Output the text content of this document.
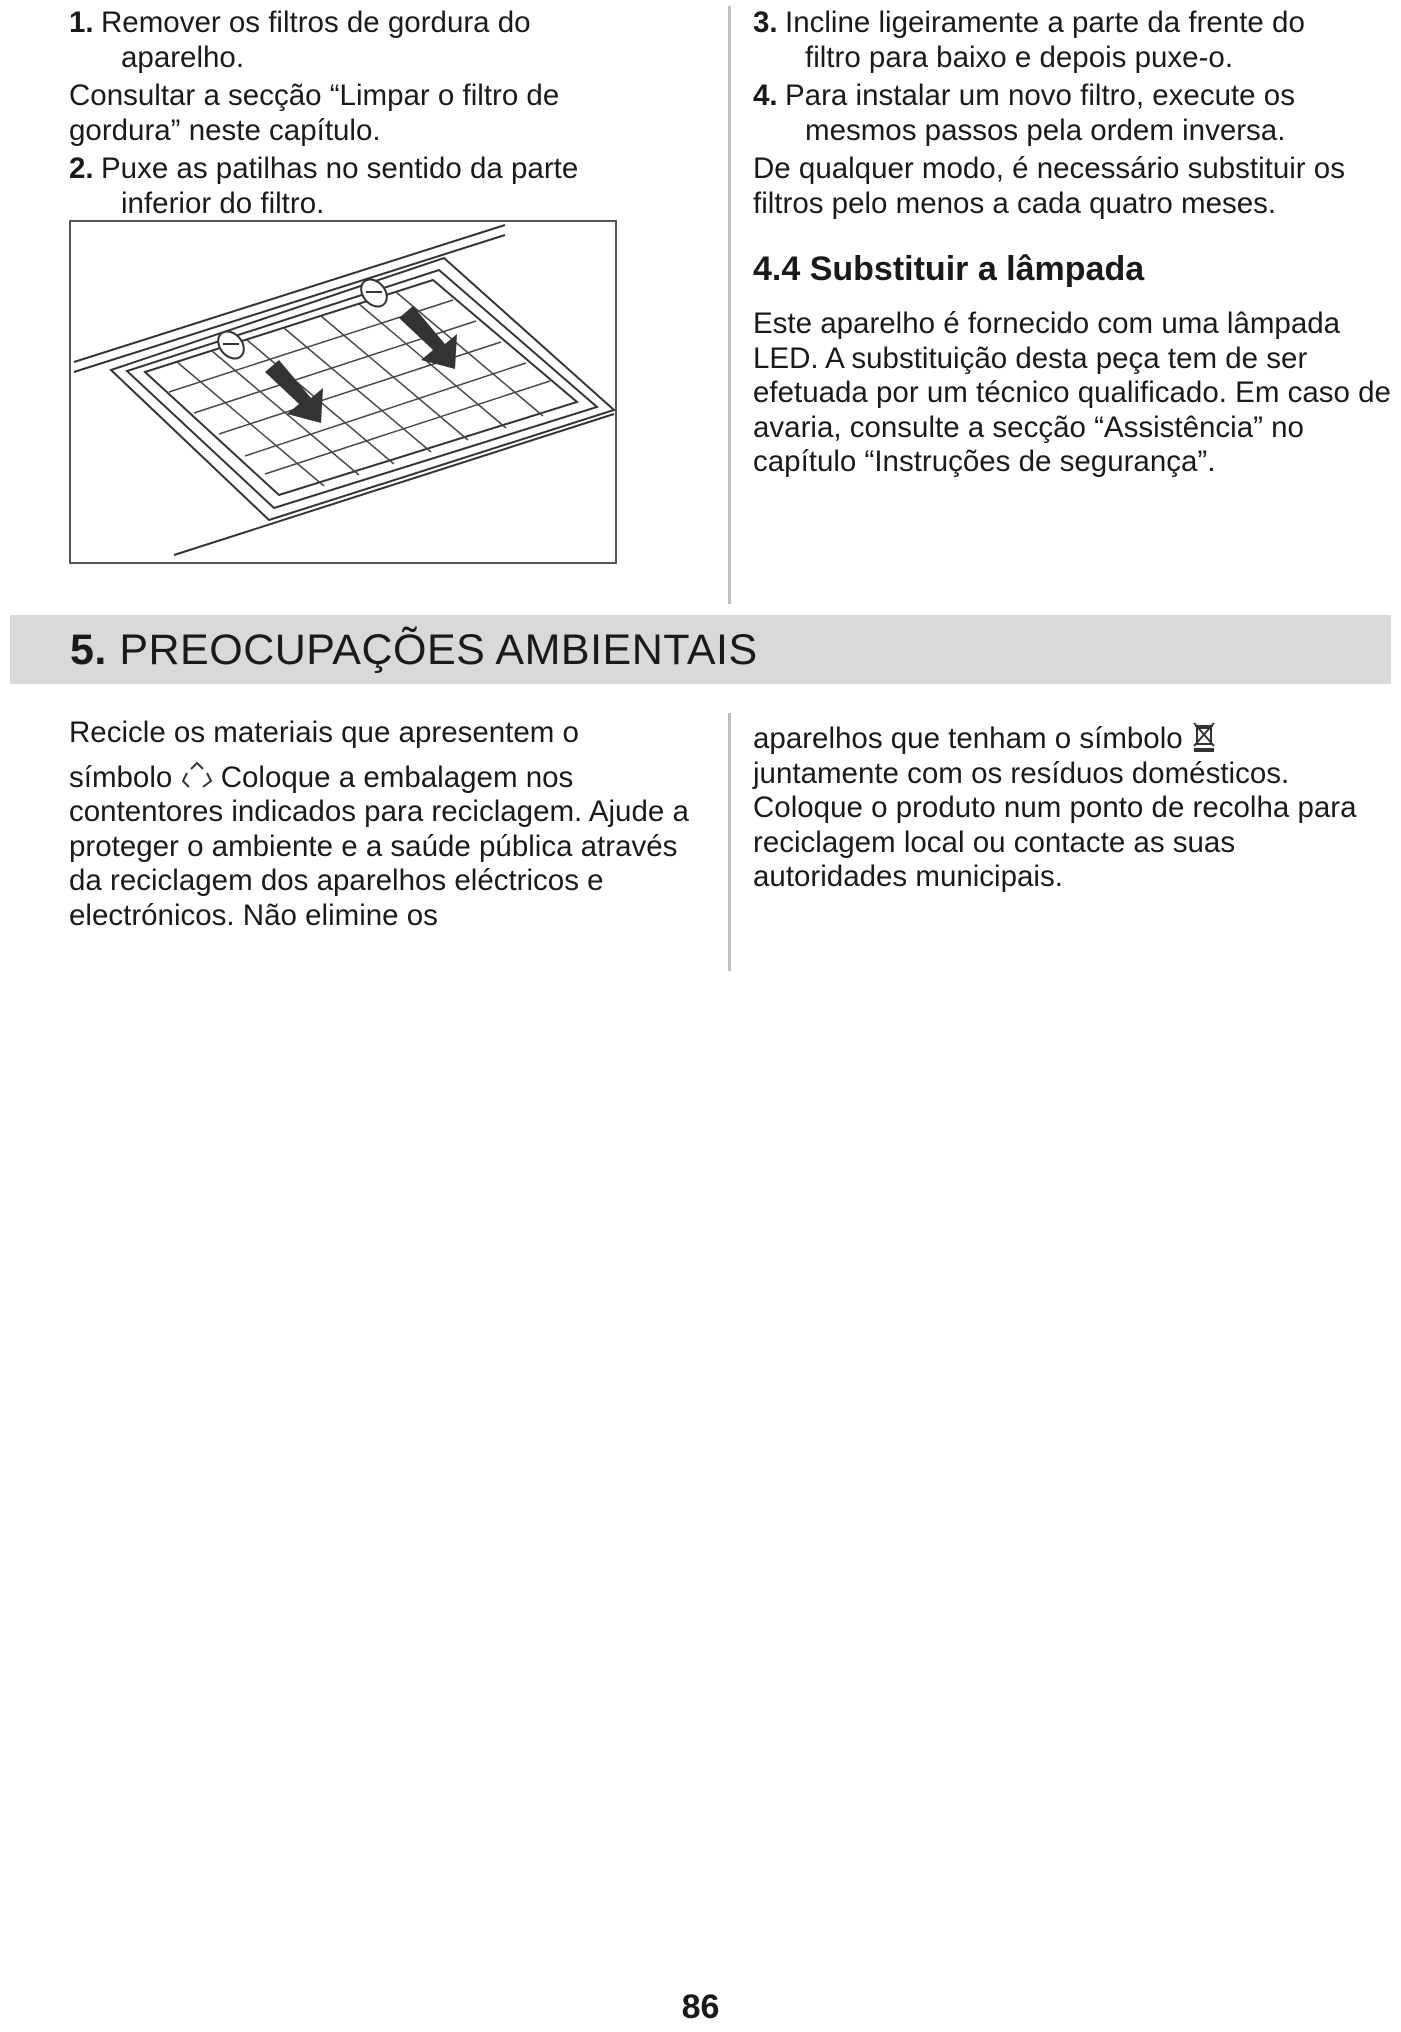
1. Remover os filtros de gordura do

aparelho.

Consultar a secção “Limpar o filtro de gordura” neste capítulo.

2. Puxe as patilhas no sentido da parte

inferior do filtro.

3. Incline ligeiramente a parte da frente do

filtro para baixo e depois puxe-o.

4. Para instalar um novo filtro, execute os

mesmos passos pela ordem inversa.

De qualquer modo, é necessário substituir os filtros pelo menos a cada quatro meses.

4.4 Substituir a lâmpada

Este aparelho é fornecido com uma lâmpada LED. A substituição desta peça tem de ser efetuada por um técnico qualificado. Em caso de avaria, consulte a secção “Assistência” no capítulo “Instruções de segurança”.

5. PREOCUPAÇÕES AMBIENTAIS

Recicle os materiais que apresentem o

símbolo Coloque a embalagem nos

contentores indicados para reciclagem. Ajude a proteger o ambiente e a saúde pública através da reciclagem dos aparelhos eléctricos e electrónicos. Não elimine os

aparelhos que tenham o símbolo

juntamente com os resíduos domésticos. Coloque o produto num ponto de recolha para reciclagem local ou contacte as suas autoridades municipais.

86
